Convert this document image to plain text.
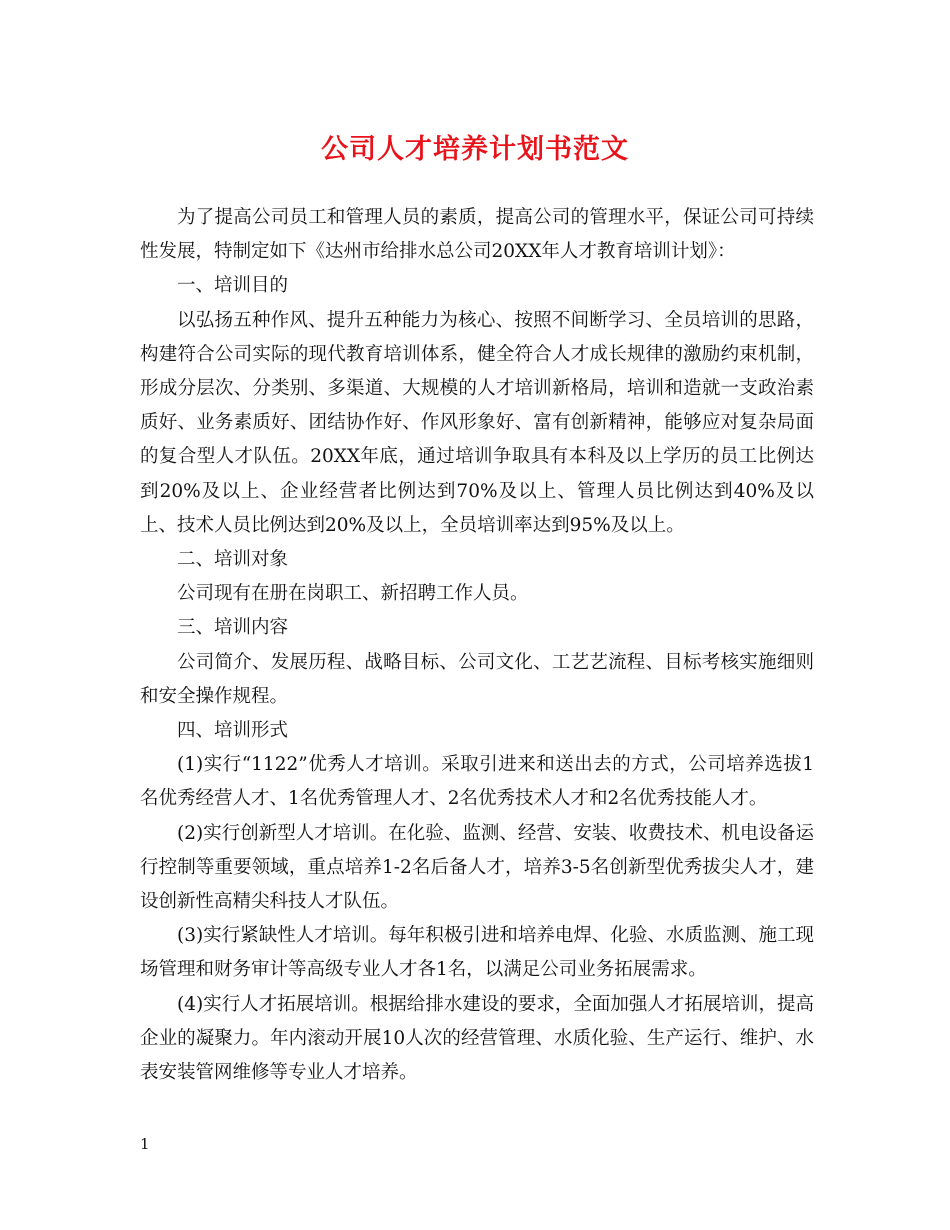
公司人才培养计划书范文

为了提高公司员工和管理人员的素质，提高公司的管理水平，保证公司可持续性发展，特制定如下《达州市给排水总公司20XX年人才教育培训计划》：

一、培训目的

以弘扬五种作风、提升五种能力为核心、按照不间断学习、全员培训的思路，构建符合公司实际的现代教育培训体系，健全符合人才成长规律的激励约束机制，形成分层次、分类别、多渠道、大规模的人才培训新格局，培训和造就一支政治素质好、业务素质好、团结协作好、作风形象好、富有创新精神，能够应对复杂局面的复合型人才队伍。20XX年底，通过培训争取具有本科及以上学历的员工比例达到20%及以上、企业经营者比例达到70%及以上、管理人员比例达到40%及以上、技术人员比例达到20%及以上，全员培训率达到95%及以上。

二、培训对象

公司现有在册在岗职工、新招聘工作人员。

三、培训内容

公司简介、发展历程、战略目标、公司文化、工艺艺流程、目标考核实施细则和安全操作规程。

四、培训形式

(1)实行“1122”优秀人才培训。采取引进来和送出去的方式，公司培养选拔1名优秀经营人才、1名优秀管理人才、2名优秀技术人才和2名优秀技能人才。

(2)实行创新型人才培训。在化验、监测、经营、安装、收费技术、机电设备运行控制等重要领域，重点培养1-2名后备人才，培养3-5名创新型优秀拔尖人才，建设创新性高精尖科技人才队伍。

(3)实行紧缺性人才培训。每年积极引进和培养电焊、化验、水质监测、施工现场管理和财务审计等高级专业人才各1名，以满足公司业务拓展需求。

(4)实行人才拓展培训。根据给排水建设的要求，全面加强人才拓展培训，提高企业的凝聚力。年内滚动开展10人次的经营管理、水质化验、生产运行、维护、水表安装管网维修等专业人才培养。

1
